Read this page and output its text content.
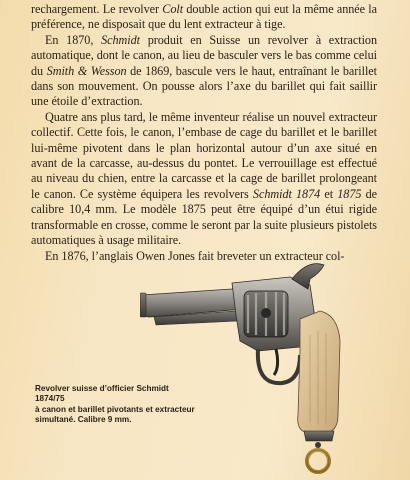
rechargement. Le revolver Colt double action qui eut la même année la préférence, ne disposait que du lent extracteur à tige.

En 1870, Schmidt produit en Suisse un revolver à extraction automatique, dont le canon, au lieu de basculer vers le bas comme celui du Smith & Wesson de 1869, bascule vers le haut, entraînant le barillet dans son mouvement. On pousse alors l’axe du barillet qui fait saillir une étoile d’extraction.

Quatre ans plus tard, le même inventeur réalise un nouvel extracteur collectif. Cette fois, le canon, l’embase de cage du barillet et le barillet lui-même pivotent dans le plan horizontal autour d’un axe situé en avant de la carcasse, au-dessus du pontet. Le verrouillage est effectué au niveau du chien, entre la carcasse et la cage de barillet prolongeant le canon. Ce système équipera les revolvers Schmidt 1874 et 1875 de calibre 10,4 mm. Le modèle 1875 peut être équipé d’un étui rigide transformable en crosse, comme le seront par la suite plusieurs pistolets automatiques à usage militaire.

En 1876, l’anglais Owen Jones fait breveter un extracteur col-

Revolver suisse d’officier Schmidt 1874/75

à canon et barillet pivotants et extracteur

simultané. Calibre 9 mm.
